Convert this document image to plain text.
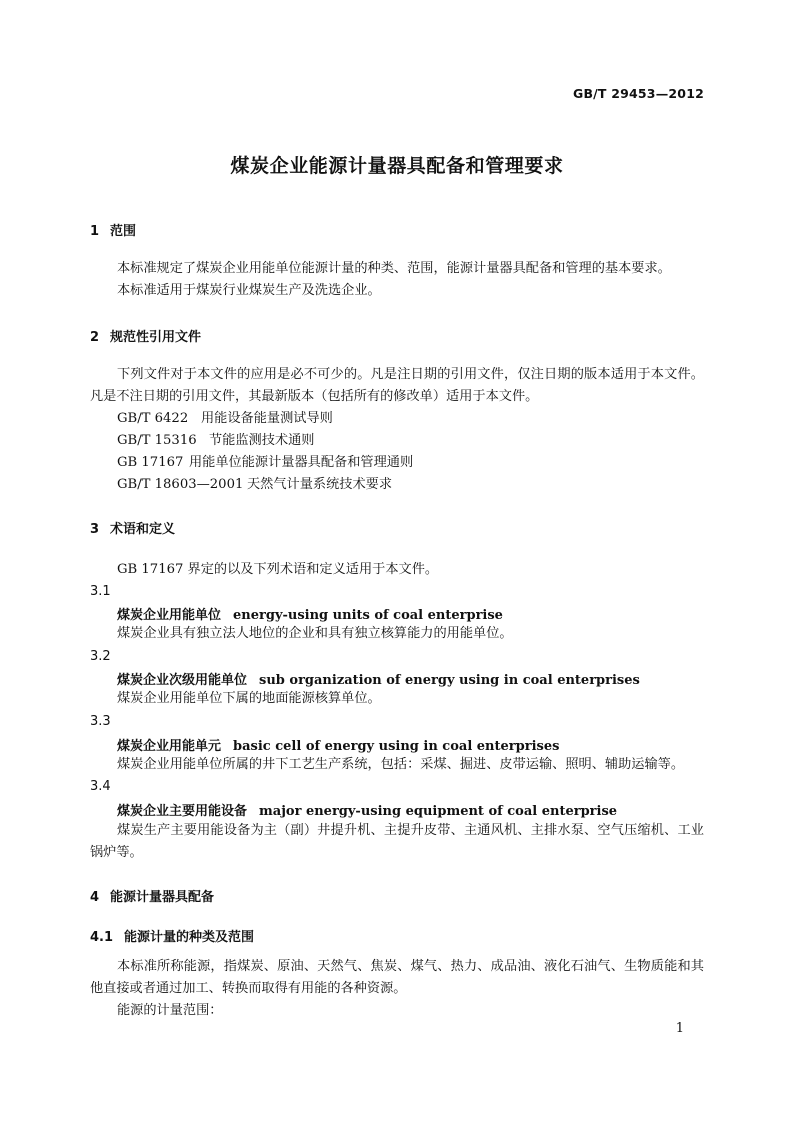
GB/T 29453—2012
煤炭企业能源计量器具配备和管理要求
1 范围
本标准规定了煤炭企业用能单位能源计量的种类、范围，能源计量器具配备和管理的基本要求。
本标准适用于煤炭行业煤炭生产及洗选企业。
2 规范性引用文件
下列文件对于本文件的应用是必不可少的。凡是注日期的引用文件，仅注日期的版本适用于本文件。凡是不注日期的引用文件，其最新版本（包括所有的修改单）适用于本文件。
GB/T 6422 用能设备能量测试导则
GB/T 15316 节能监测技术通则
GB 17167 用能单位能源计量器具配备和管理通则
GB/T 18603—2001 天然气计量系统技术要求
3 术语和定义
GB 17167 界定的以及下列术语和定义适用于本文件。
3.1
煤炭企业用能单位 energy-using units of coal enterprise
煤炭企业具有独立法人地位的企业和具有独立核算能力的用能单位。
3.2
煤炭企业次级用能单位 sub organization of energy using in coal enterprises
煤炭企业用能单位下属的地面能源核算单位。
3.3
煤炭企业用能单元 basic cell of energy using in coal enterprises
煤炭企业用能单位所属的井下工艺生产系统，包括：采煤、掘进、皮带运输、照明、辅助运输等。
3.4
煤炭企业主要用能设备 major energy-using equipment of coal enterprise
煤炭生产主要用能设备为主（副）井提升机、主提升皮带、主通风机、主排水泵、空气压缩机、工业锅炉等。
4 能源计量器具配备
4.1 能源计量的种类及范围
本标准所称能源，指煤炭、原油、天然气、焦炭、煤气、热力、成品油、液化石油气、生物质能和其他直接或者通过加工、转换而取得有用能的各种资源。
能源的计量范围：
1
